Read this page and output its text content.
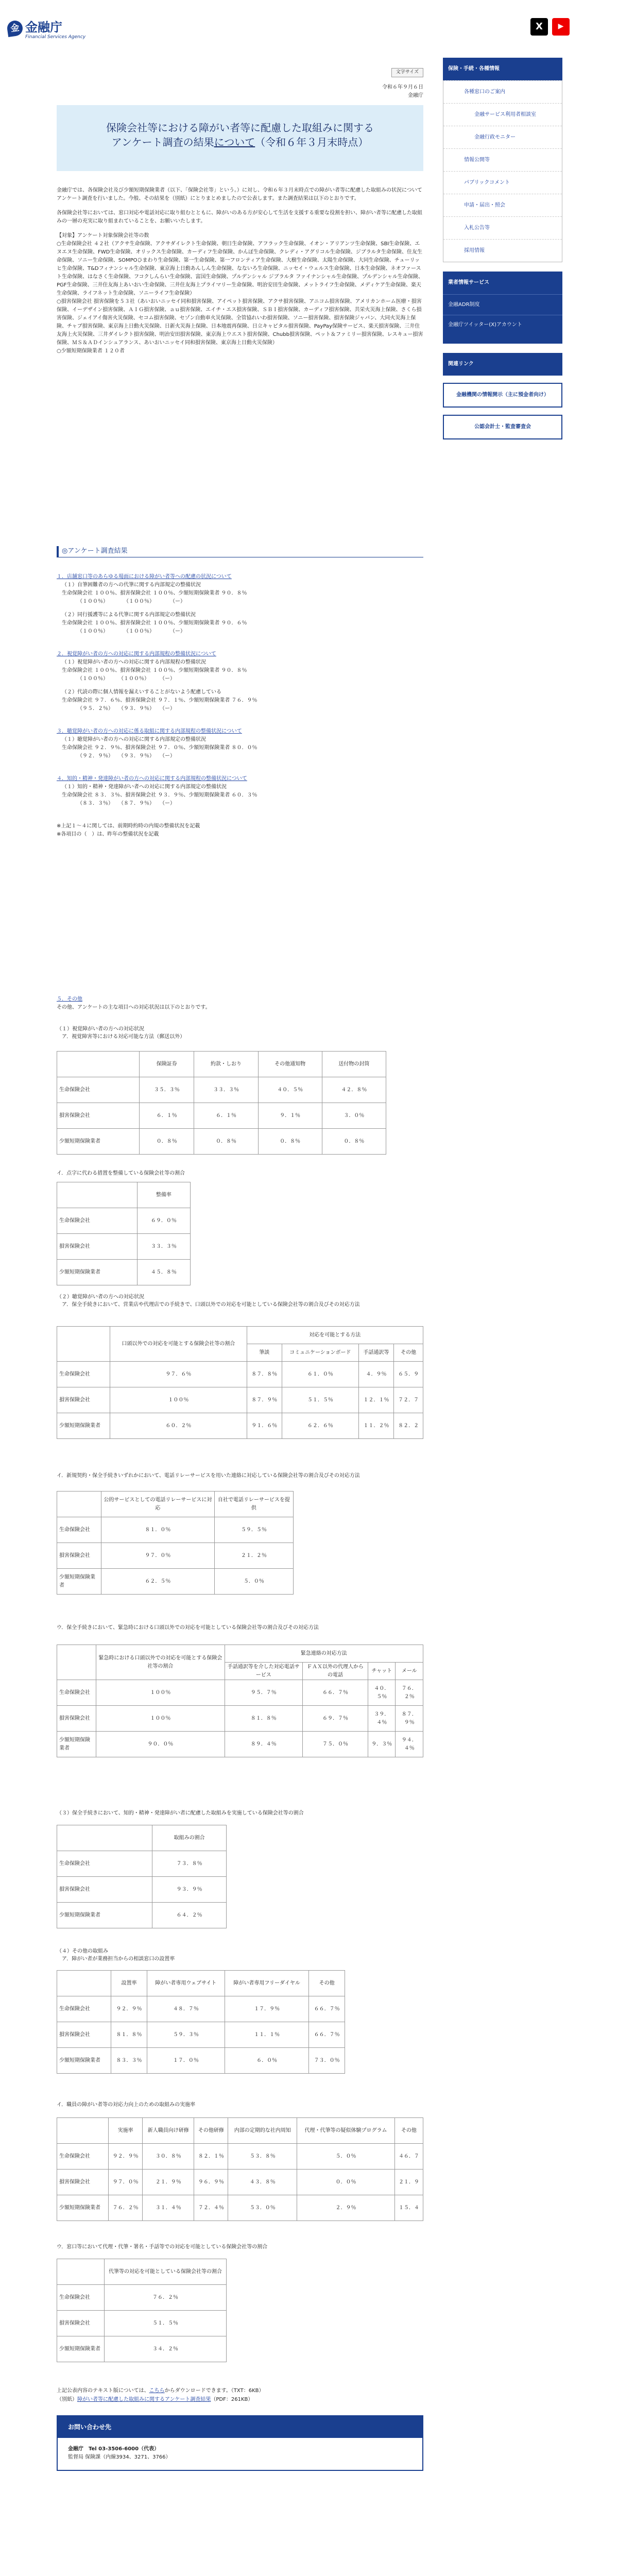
金 金融庁
Financial Services Agency
X	▶
文字サイズ
令和６年９月６日
金融庁
保険会社等における障がい者等に配慮した取組みに関する
アンケート調査の結果について（令和６年３月末時点）

金融庁では、各保険会社及び少額短期保険業者（以下、「保険会社等」という。）に対し、令和６年３月末時点での障がい者等に配慮した取組みの状況についてアンケート調査を行いました。今般、その結果を（別紙）にとりまとめましたので公表します。また調査結果は以下のとおりです。

各保険会社等においては、窓口対応や電話対応に取り組むとともに、障がいのある方が安心して生活を支援する重要な役割を担い、障がい者等に配慮した取組みの一層の充実に取り組まれていることを、お願いいたします。

【対象】アンケート対象保険会社等の数
○生命保険会社 ４２社（アクサ生命保険、アクサダイレクト生命保険、朝日生命保険、アフラック生命保険、イオン・アリアンツ生命保険、SBI生命保険、エヌエヌ生命保険、FWD生命保険、オリックス生命保険、カーディフ生命保険、かんぽ生命保険、クレディ・アグリコル生命保険、ジブラルタ生命保険、住友生命保険、ソニー生命保険、SOMPOひまわり生命保険、第一生命保険、第一フロンティア生命保険、大樹生命保険、太陽生命保険、大同生命保険、チューリッヒ生命保険、T&Dフィナンシャル生命保険、東京海上日動あんしん生命保険、なないろ生命保険、ニッセイ・ウェルス生命保険、日本生命保険、ネオファースト生命保険、はなさく生命保険、フコクしんらい生命保険、富国生命保険、プルデンシャル ジブラルタ ファイナンシャル生命保険、プルデンシャル生命保険、PGF生命保険、三井住友海上あいおい生命保険、三井住友海上プライマリー生命保険、明治安田生命保険、メットライフ生命保険、メディケア生命保険、楽天生命保険、ライフネット生命保険、ソニーライフ生命保険）
○損害保険会社 損害保険を５３社（あいおいニッセイ同和損害保険、アイペット損害保険、アクサ損害保険、アニコム損害保険、アメリカンホーム医療・損害保険、イーデザイン損害保険、ＡＩＧ損害保険、ａｕ損害保険、エイチ・エス損害保険、ＳＢＩ損害保険、カーディフ損害保険、共栄火災海上保険、さくら損害保険、ジェイアイ傷害火災保険、セコム損害保険、セゾン自動車火災保険、全管協れいわ損害保険、ソニー損害保険、損害保険ジャパン、大同火災海上保険、チャブ損害保険、東京海上日動火災保険、日新火災海上保険、日本地震再保険、日立キャピタル損害保険、PayPay保険サービス、楽天損害保険、三井住友海上火災保険、三井ダイレクト損害保険、明治安田損害保険、東京海上ウエスト損害保険、Chubb損害保険、ペット＆ファミリー損害保険、レスキュー損害保険、ＭＳ＆ＡＤインシュアランス、あいおいニッセイ同和損害保険、東京海上日動火災保険）
○少額短期保険業者 １２０者

◎アンケート調査結果
１．店舗窓口等のあらゆる場面における障がい者等への配慮の状況について
（１）自筆困難者の方への代筆に関する内部規定の整備状況
生命保険会社 １００％、損害保険会社 １００％、少額短期保険業者 ９０．８％
（１００％）　　　　（１００％）　　　　（ー）
（２）同行援護等による代筆に関する内部規定の整備状況
生命保険会社 １００％、損害保険会社 １００％、少額短期保険業者 ９０．６％
（１００％）　　　　（１００％）　　　　（ー）
２．視覚障がい者の方への対応に関する内部規程の整備状況について
（１）視覚障がい者の方への対応に関する内部規程の整備状況
生命保険会社 １００％、損害保険会社 １００％、少額短期保険業者 ９０．８％
（１００％）　　　（１００％）　　　（ー）
（２）代読の際に個人情報を漏えいすることがないよう配慮している
生命保険会社 ９７．６％、損害保険会社 ９７．１％、少額短期保険業者 ７６．９％
（９５．２％）　　（９３．９％）　　（ー）
３．聴覚障がい者の方への対応に係る取組に関する内部規程の整備状況について
（１）聴覚障がい者の方への対応に関する内部規定の整備状況
生命保険会社 ９２．９％、損害保険会社 ９７．０％、少額短期保険業者 ８０．０％
（９２．９％）　　（９３．９％）　　（ー）
４．知的・精神・発達障がい者の方への対応に関する内部規程の整備状況について
（１）知的・精神・発達障がい者への対応に関する内部規定の整備状況
生命保険会社 ８３．３％、損害保険会社 ９３．９％、少額短期保険業者 ６０．３％
（８３．３％）　　（８７．９％）　　（ー）
※上記１～４に関しては、前期時約時の内規の整備状況を記載
※各項目の（　）は、昨年の整備状況を記載
５．その他
その他、アンケートの主な項目への対応状況は以下のとおりです。
（１）視覚障がい者の方への対応状況
ア．視覚障害等における対応可能な方法（郵送以外）
	保険証券	約款・しおり	その他通知物	送付物の封筒
生命保険会社	３５．３％	３３．３％	４０．５％	４２．８％
損害保険会社	６．１％	６．１％	９．１％	３．０％
少額短期保険業者	０．８％	０．８％	０．８％	０．８％
イ．点字に代わる措置を整備している保険会社等の割合
	整備率
生命保険会社	６９．０％
損害保険会社	３３．３％
少額短期保険業者	４５．８％
（２）聴覚障がい者の方への対応状況
ア．保全手続きにおいて、営業店や代理店での手続きで、口頭以外での対応を可能としている保険会社等の割合及びその対応方法
	口頭以外での対応を可能とする保険会社等の割合	対応を可能とする方法			
		筆談	コミュニケーションボード	手話通訳等	その他
生命保険会社	９７．６％	８７．８％	６１．０％	４．９％	６５．９
損害保険会社	１００％	８７．９％	５１．５％	１２．１％	７２．７
少額短期保険業者	６０．２％	９１．６％	６２．６％	１１．２％	８２．２
イ．新規契約・保全手続きいずれかにおいて、電話リレーサービスを用いた連絡に対応している保険会社等の割合及びその対応方法
	公的サービスとしての電話リレーサービスに対応	自社で電話リレーサービスを提供
生命保険会社	８１．０％	５９．５％
損害保険会社	９７．０％	２１．２％
少額短期保険業者	６２．５％	５．０％
ウ．保全手続きにおいて、緊急時における口頭以外での対応を可能としている保険会社等の割合及びその対応方法
	緊急時における口頭以外での対応を可能とする保険会社等の割合	緊急連絡の対応方法			
		手話通訳等を介した対応電話サービス	ＦＡＸ以外の代理人からの電話	チャット	メール
生命保険会社	１００％	９５．７％	６６．７％	４０．５％	７６．２％
損害保険会社	１００％	８１．８％	６９．７％	３９．４％	８７．９％
少額短期保険業者	９０．０％	８９．４％	７５．０％	９．３％	９４．４％
（３）保全手続きにおいて、知的・精神・発達障がい者に配慮した取組みを実施している保険会社等の割合
	取組みの割合
生命保険会社	７３．８％
損害保険会社	９３．９％
少額短期保険業者	６４．２％
（４）その他の取組み
ア．障がい者が業務担当からの相談窓口の設置率
	設置率	障がい者専用ウェブサイト	障がい者専用フリーダイヤル	その他
生命保険会社	９２．９％	４８．７％	１７．９％	６６．７％
損害保険会社	８１．８％	５９．３％	１１．１％	６６．７％
少額短期保険業者	８３．３％	１７．０％	６．０％	７３．０％
イ．職員の障がい者等の対応力向上のための取組みの実施率
	実施率	新人職員向け研修	その他研修	内部の定期的な社内周知	代理・代筆等の疑似体験プログラム	その他
生命保険会社	９２．９％	３０．８％	８２．１％	５３．８％	５．０％	４６．７
損害保険会社	９７．０％	２１．９％	９６．９％	４３．８％	０．０％	２１．９
少額短期保険業者	７６．２％	３１．４％	７２．４％	５３．０％	２．９％	１５．４
ウ．窓口等において代理・代筆・署名・手話等での対応を可能としている保険会社等の割合
	代筆等の対応を可能としている保険会社等の割合
生命保険会社	７６．２％
損害保険会社	５１．５％
少額短期保険業者	３４．２％
上記公表内容のテキスト版については、こちらからダウンロードできます。（TXT：6KB）
（別紙）障がい者等に配慮した取組みに関するアンケート調査結果（PDF：261KB）
お問い合わせ先
金融庁　Tel 03-3506-6000（代表）
監督局 保険課（内線3934、3271、3766）
保険・手続・各種情報
各種窓口のご案内
金融サービス利用者相談室
金融行政モニター
情報公開等
パブリックコメント
申請・届出・照会
入札公告等
採用情報
業者情報サービス
金融ADR制度
金融庁ツイッター(X)アカウント
関連リンク
金融機関の情報開示（主に預金者向け）
公認会計士・監査審査会
